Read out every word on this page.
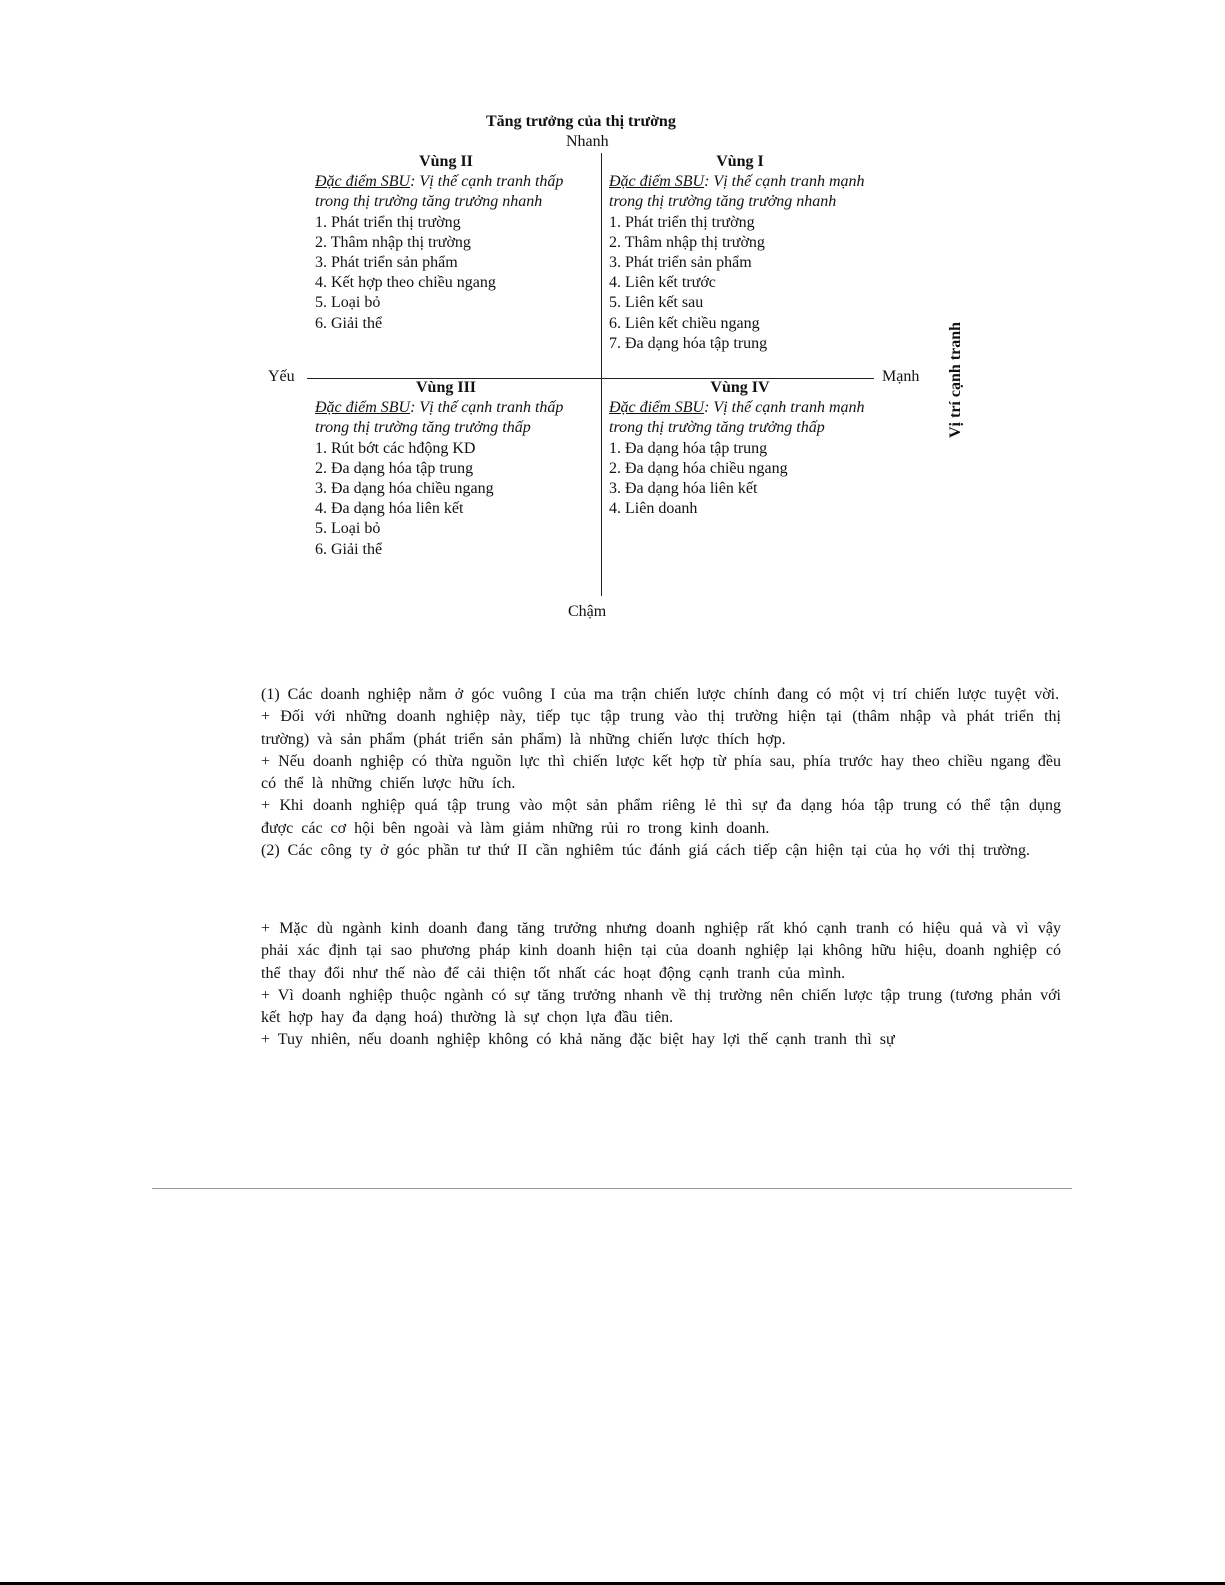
Tăng trưởng của thị trường
Nhanh
Chậm
Yếu	Mạnh Vị trí cạnh tranh
Vùng II
Đặc điểm SBU: Vị thế cạnh tranh thấp trong thị trường tăng trưởng nhanh
1. Phát triển thị trường
2. Thâm nhập thị trường
3. Phát triển sản phẩm
4. Kết hợp theo chiều ngang
5. Loại bỏ
6. Giải thể
Vùng I
Đặc điểm SBU: Vị thế cạnh tranh mạnh trong thị trường tăng trưởng nhanh
1. Phát triển thị trường
2. Thâm nhập thị trường
3. Phát triển sản phẩm
4. Liên kết trước
5. Liên kết sau
6. Liên kết chiều ngang
7. Đa dạng hóa tập trung
Vùng III
Đặc điểm SBU: Vị thế cạnh tranh thấp trong thị trường tăng trưởng thấp
1. Rút bớt các hđộng KD
2. Đa dạng hóa tập trung
3. Đa dạng hóa chiều ngang
4. Đa dạng hóa liên kết
5. Loại bỏ
6. Giải thể
Vùng IV
Đặc điểm SBU: Vị thế cạnh tranh mạnh trong thị trường tăng trưởng thấp
1. Đa dạng hóa tập trung
2. Đa dạng hóa chiều ngang
3. Đa dạng hóa liên kết
4. Liên doanh

(1) Các doanh nghiệp nằm ở góc vuông I của ma trận chiến lược chính đang có một vị trí chiến lược tuyệt vời.

+ Đối với những doanh nghiệp này, tiếp tục tập trung vào thị trường hiện tại (thâm nhập và phát triển thị trường) và sản phẩm (phát triển sản phẩm) là những chiến lược thích hợp.

+ Nếu doanh nghiệp có thừa nguồn lực thì chiến lược kết hợp từ phía sau, phía trước hay theo chiều ngang đều có thể là những chiến lược hữu ích.

+ Khi doanh nghiệp quá tập trung vào một sản phẩm riêng lẻ thì sự đa dạng hóa tập trung có thể tận dụng được các cơ hội bên ngoài và làm giảm những rủi ro trong kinh doanh.

(2) Các công ty ở góc phần tư thứ II cần nghiêm túc đánh giá cách tiếp cận hiện tại của họ với thị trường.

+ Mặc dù ngành kinh doanh đang tăng trưởng nhưng doanh nghiệp rất khó cạnh tranh có hiệu quả và vì vậy phải xác định tại sao phương pháp kinh doanh hiện tại của doanh nghiệp lại không hữu hiệu, doanh nghiệp có thể thay đổi như thế nào để cải thiện tốt nhất các hoạt động cạnh tranh của mình.

+ Vì doanh nghiệp thuộc ngành có sự tăng trưởng nhanh về thị trường nên chiến lược tập trung (tương phản với kết hợp hay đa dạng hoá) thường là sự chọn lựa đầu tiên.

+ Tuy nhiên, nếu doanh nghiệp không có khả năng đặc biệt hay lợi thế cạnh tranh thì sự
